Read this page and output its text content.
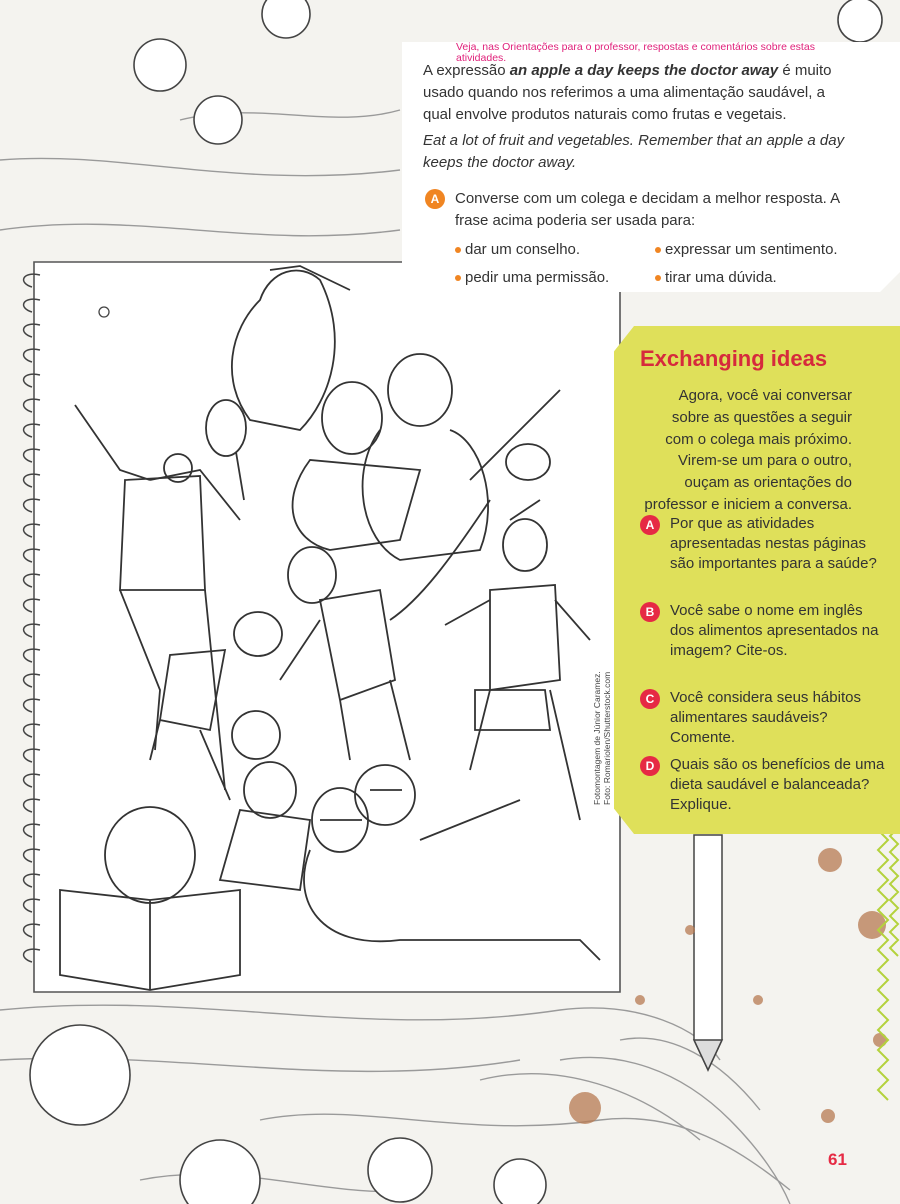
Veja, nas Orientações para o professor, respostas e comentários sobre estas atividades.

A expressão an apple a day keeps the doctor away é muito usado quando nos referimos a uma alimentação saudável, a qual envolve produtos naturais como frutas e vegetais.

Eat a lot of fruit and vegetables. Remember that an apple a day keeps the doctor away.

A	Converse com um colega e decidam a melhor resposta. A frase acima poderia ser usada para:
dar um conselho.	expressar um sentimento.
pedir uma permissão.	tirar uma dúvida.
Exchanging ideas
Agora, você vai conversar sobre as questões a seguir com o colega mais próximo. Virem-se um para o outro, ouçam as orientações do professor e iniciem a conversa.
A	Por que as atividades apresentadas nestas páginas são importantes para a saúde?
B	Você sabe o nome em inglês dos alimentos apresentados na imagem? Cite-os.
C	Você considera seus hábitos alimentares saudáveis? Comente.
D	Quais são os benefícios de uma dieta saudável e balanceada? Explique.
Fotomontagem de Júnior Caramez. Foto: Romariolen/Shutterstock.com
61
